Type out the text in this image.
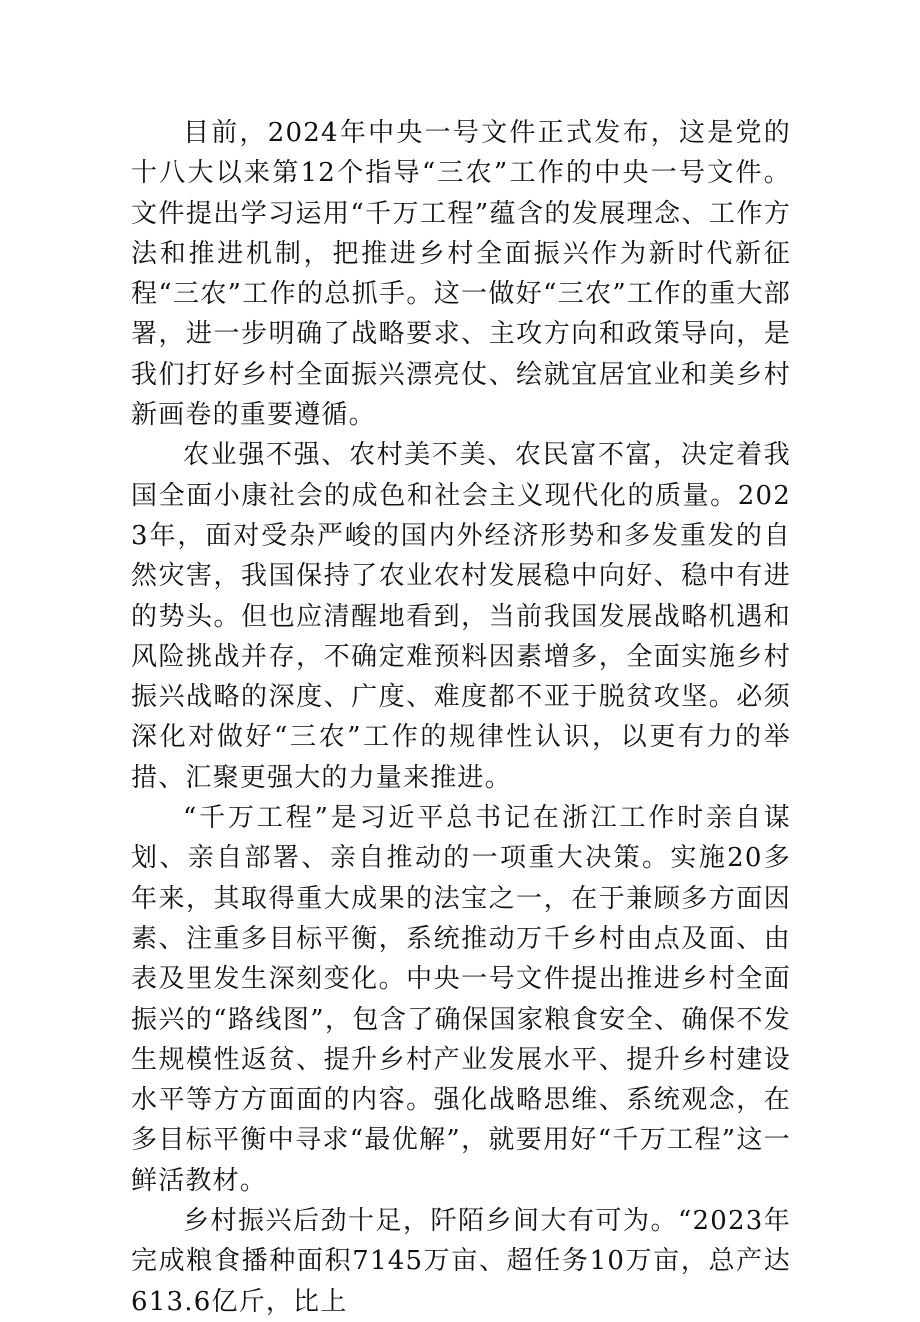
目前，2024年中央一号文件正式发布，这是党的十八大以来第12个指导“三农”工作的中央一号文件。文件提出学习运用“千万工程”蕴含的发展理念、工作方法和推进机制，把推进乡村全面振兴作为新时代新征程“三农”工作的总抓手。这一做好“三农”工作的重大部署，进一步明确了战略要求、主攻方向和政策导向，是我们打好乡村全面振兴漂亮仗、绘就宜居宜业和美乡村新画卷的重要遵循。

农业强不强、农村美不美、农民富不富，决定着我国全面小康社会的成色和社会主义现代化的质量。2023年，面对受杂严峻的国内外经济形势和多发重发的自然灾害，我国保持了农业农村发展稳中向好、稳中有进的势头。但也应清醒地看到，当前我国发展战略机遇和风险挑战并存，不确定难预料因素增多，全面实施乡村振兴战略的深度、广度、难度都不亚于脱贫攻坚。必须深化对做好“三农”工作的规律性认识，以更有力的举措、汇聚更强大的力量来推进。

“千万工程”是习近平总书记在浙江工作时亲自谋划、亲自部署、亲自推动的一项重大决策。实施20多年来，其取得重大成果的法宝之一，在于兼顾多方面因素、注重多目标平衡，系统推动万千乡村由点及面、由表及里发生深刻变化。中央一号文件提出推进乡村全面振兴的“路线图”，包含了确保国家粮食安全、确保不发生规模性返贫、提升乡村产业发展水平、提升乡村建设水平等方方面面的内容。强化战略思维、系统观念，在多目标平衡中寻求“最优解”，就要用好“千万工程”这一鲜活教材。

乡村振兴后劲十足，阡陌乡间大有可为。“2023年完成粮食播种面积7145万亩、超任务10万亩，总产达613.6亿斤，比上
